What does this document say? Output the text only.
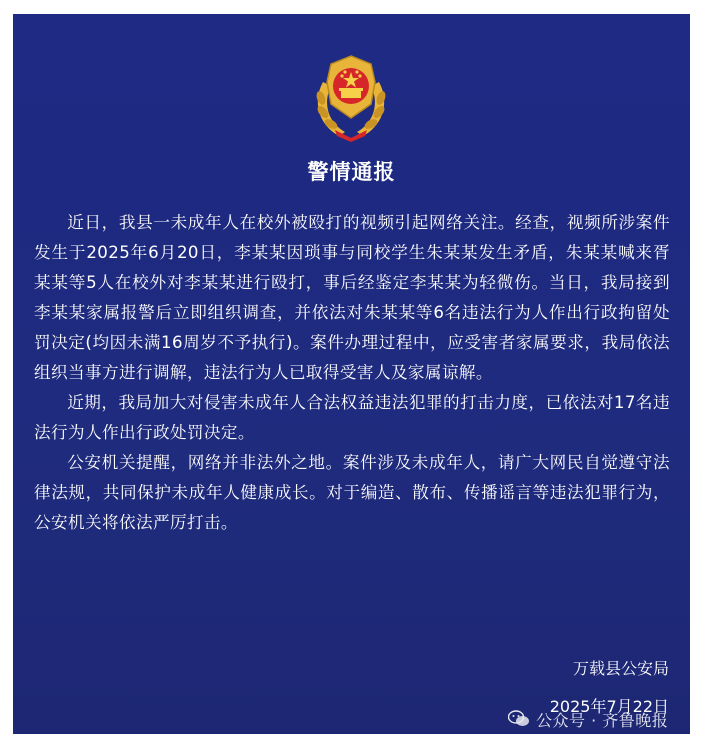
警情通报

近日，我县一未成年人在校外被殴打的视频引起网络关注。经查，视频所涉案件发生于2025年6月20日，李某某因琐事与同校学生朱某某发生矛盾，朱某某喊来胥某某等5人在校外对李某某进行殴打，事后经鉴定李某某为轻微伤。当日，我局接到李某某家属报警后立即组织调查，并依法对朱某某等6名违法行为人作出行政拘留处罚决定(均因未满16周岁不予执行)。案件办理过程中，应受害者家属要求，我局依法组织当事方进行调解，违法行为人已取得受害人及家属谅解。

近期，我局加大对侵害未成年人合法权益违法犯罪的打击力度，已依法对17名违法行为人作出行政处罚决定。

公安机关提醒，网络并非法外之地。案件涉及未成年人，请广大网民自觉遵守法律法规，共同保护未成年人健康成长。对于编造、散布、传播谣言等违法犯罪行为，公安机关将依法严厉打击。

万载县公安局
2025年7月22日
公众号 · 齐鲁晚报
